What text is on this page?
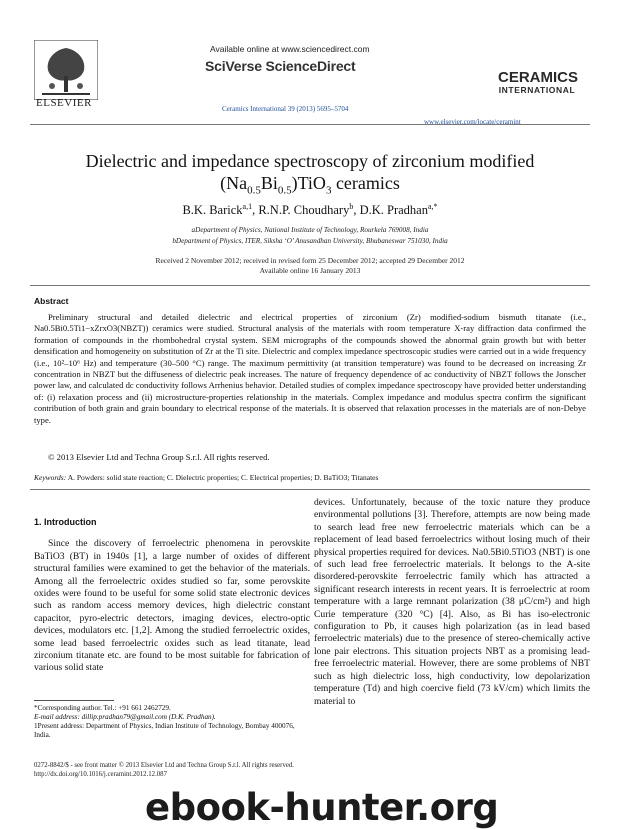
Available online at www.sciencedirect.com
SciVerse ScienceDirect
Ceramics International 39 (2013) 5695–5704
ELSEVIER
CERAMICS
INTERNATIONAL
www.elsevier.com/locate/ceramint
Dielectric and impedance spectroscopy of zirconium modified
$(Na_{0.5}Bi_{0.5})TiO_3$ ceramics
B.K. Barick$^{a,1}$, R.N.P. Choudhary$^b$, D.K. Pradhan$^{a,*}$
aDepartment of Physics, National Institute of Technology, Rourkela 769008, India
bDepartment of Physics, ITER, Siksha ‘O’ Anusandhan University, Bhubaneswar 751030, India
Received 2 November 2012; received in revised form 25 December 2012; accepted 29 December 2012
Available online 16 January 2013
Abstract
Preliminary structural and detailed dielectric and electrical properties of zirconium (Zr) modified-sodium bismuth titanate (i.e., Na0.5Bi0.5Ti1−xZrxO3(NBZT)) ceramics were studied. Structural analysis of the materials with room temperature X-ray diffraction data confirmed the formation of compounds in the rhombohedral crystal system. SEM micrographs of the compounds showed the abnormal grain growth but with better densification and homogeneity on substitution of Zr at the Ti site. Dielectric and complex impedance spectroscopic studies were carried out in a wide frequency (i.e., 10²–10⁶ Hz) and temperature (30–500 °C) range. The maximum permittivity (at transition temperature) was found to be decreased on increasing Zr concentration in NBZT but the diffuseness of dielectric peak increases. The nature of frequency dependence of ac conductivity of NBZT follows the Jonscher power law, and calculated dc conductivity follows Arrhenius behavior. Detailed studies of complex impedance spectroscopy have provided better understanding of: (i) relaxation process and (ii) microstructure-properties relationship in the materials. Complex impedance and modulus spectra confirm the significant contribution of both grain and grain boundary to electrical response of the materials. It is observed that relaxation processes in the materials are of non-Debye type.
© 2013 Elsevier Ltd and Techna Group S.r.l. All rights reserved.
Keywords: A. Powders: solid state reaction; C. Dielectric properties; C. Electrical properties; D. BaTiO3; Titanates
1. Introduction
Since the discovery of ferroelectric phenomena in perovskite BaTiO3 (BT) in 1940s [1], a large number of oxides of different structural families were examined to get the behavior of the materials. Among all the ferroelectric oxides studied so far, some perovskite oxides were found to be useful for some solid state electronic devices such as random access memory devices, high dielectric constant capacitor, pyro-electric detectors, imaging devices, electro-optic devices, modulators etc. [1,2]. Among the studied ferroelectric oxides, some lead based ferroelectric oxides such as lead titanate, lead zirconium titanate etc. are found to be most suitable for fabrication of various solid state
devices. Unfortunately, because of the toxic nature they produce environmental pollutions [3]. Therefore, attempts are now being made to search lead free new ferroelectric materials which can be a replacement of lead based ferroelectrics without losing much of their physical properties required for devices. Na0.5Bi0.5TiO3 (NBT) is one of such lead free ferroelectric materials. It belongs to the A-site disordered-perovskite ferroelectric family which has attracted a significant research interests in recent years. It is ferroelectric at room temperature with a large remnant polarization (38 μC/cm²) and high Curie temperature (320 °C) [4]. Also, as Bi has iso-electronic configuration to Pb, it causes high polarization (as in lead based ferroelectric materials) due to the presence of stereo-chemically active lone pair electrons. This situation projects NBT as a promising lead-free ferroelectric material. However, there are some problems of NBT such as high dielectric loss, high conductivity, low depolarization temperature (Td) and high coercive field (73 kV/cm) which limits the material to
*Corresponding author. Tel.: +91 661 2462729.
E-mail address: dillip.pradhan79@gmail.com (D.K. Pradhan).
1Present address: Department of Physics, Indian Institute of Technology, Bombay 400076, India.
0272-8842/$ - see front matter © 2013 Elsevier Ltd and Techna Group S.r.l. All rights reserved.
http://dx.doi.org/10.1016/j.ceramint.2012.12.087
ebook-hunter.org
